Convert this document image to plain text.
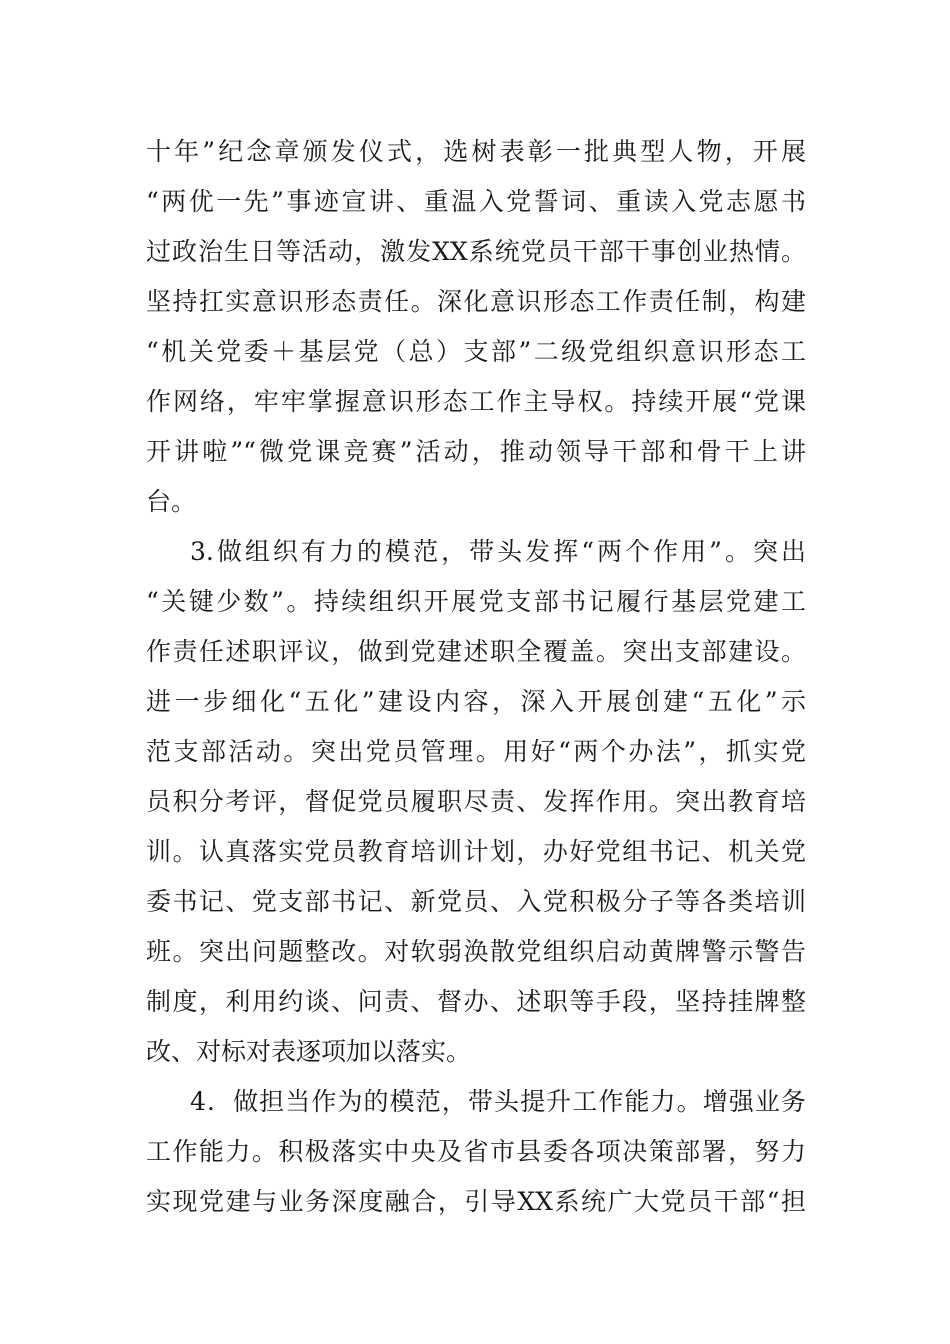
十年”纪念章颁发仪式，选树表彰一批典型人物，开展
“两优一先”事迹宣讲、重温入党誓词、重读入党志愿书
过政治生日等活动，激发XX系统党员干部干事创业热情。
坚持扛实意识形态责任。深化意识形态工作责任制，构建
“机关党委＋基层党（总）支部”二级党组织意识形态工
作网络，牢牢掌握意识形态工作主导权。持续开展“党课
开讲啦”“微党课竞赛”活动，推动领导干部和骨干上讲
台。
3.做组织有力的模范，带头发挥“两个作用”。突出
“关键少数”。持续组织开展党支部书记履行基层党建工
作责任述职评议，做到党建述职全覆盖。突出支部建设。
进一步细化“五化”建设内容，深入开展创建“五化”示
范支部活动。突出党员管理。用好“两个办法”，抓实党
员积分考评，督促党员履职尽责、发挥作用。突出教育培
训。认真落实党员教育培训计划，办好党组书记、机关党
委书记、党支部书记、新党员、入党积极分子等各类培训
班。突出问题整改。对软弱涣散党组织启动黄牌警示警告
制度，利用约谈、问责、督办、述职等手段，坚持挂牌整
改、对标对表逐项加以落实。
4．做担当作为的模范，带头提升工作能力。增强业务
工作能力。积极落实中央及省市县委各项决策部署，努力
实现党建与业务深度融合，引导XX系统广大党员干部“担
